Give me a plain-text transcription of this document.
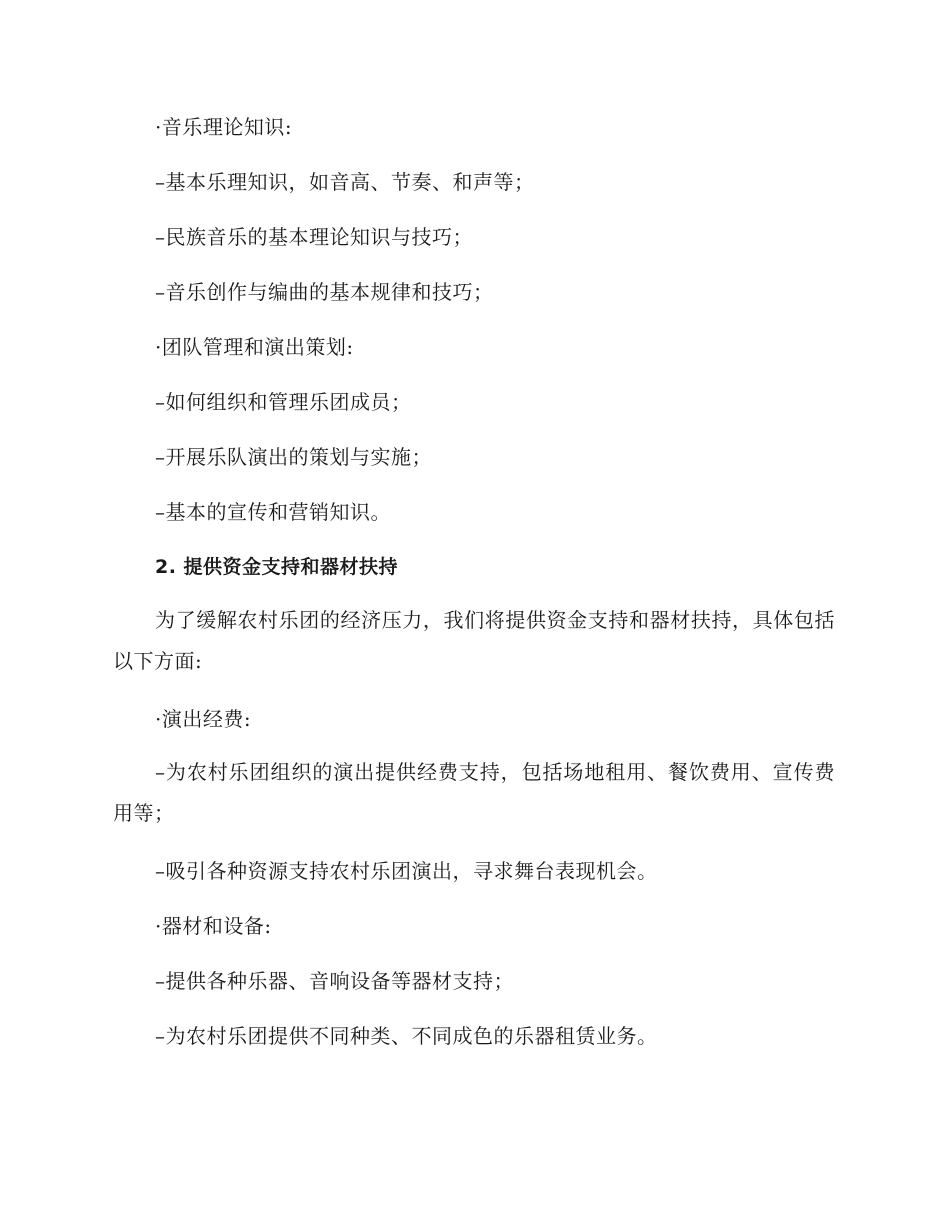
·音乐理论知识:
–基本乐理知识，如音高、节奏、和声等；
–民族音乐的基本理论知识与技巧；
–音乐创作与编曲的基本规律和技巧；
·团队管理和演出策划:
–如何组织和管理乐团成员；
–开展乐队演出的策划与实施；
–基本的宣传和营销知识。
2. 提供资金支持和器材扶持
为了缓解农村乐团的经济压力，我们将提供资金支持和器材扶持，具体包括以下方面:
·演出经费:
–为农村乐团组织的演出提供经费支持，包括场地租用、餐饮费用、宣传费用等；
–吸引各种资源支持农村乐团演出，寻求舞台表现机会。
·器材和设备:
–提供各种乐器、音响设备等器材支持；
–为农村乐团提供不同种类、不同成色的乐器租赁业务。
